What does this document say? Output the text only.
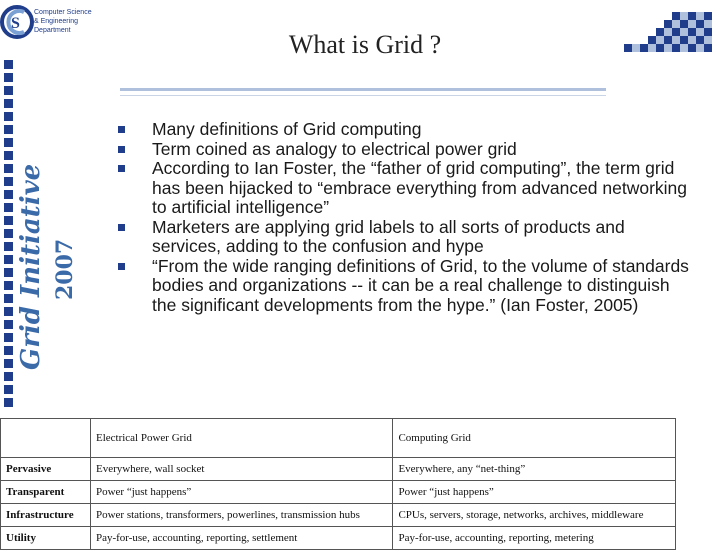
S
Computer Science
& Engineering
Department
Grid Initiative 2007
What is Grid ?
Many definitions of Grid computing
Term coined as analogy to electrical power grid
According to Ian Foster, the “father of grid computing”, the term grid has been hijacked to “embrace everything from advanced networking to artificial intelligence”
Marketers are applying grid labels to all sorts of products and services, adding to the confusion and hype
“From the wide ranging definitions of Grid, to the volume of standards bodies and organizations -- it can be a real challenge to distinguish the significant developments from the hype.” (Ian Foster, 2005)
	Electrical Power Grid	Computing Grid
Pervasive	Everywhere, wall socket	Everywhere, any “net-thing”
Transparent	Power “just happens”	Power “just happens”
Infrastructure	Power stations, transformers, powerlines, transmission hubs	CPUs, servers, storage, networks, archives, middleware
Utility	Pay-for-use, accounting, reporting, settlement	Pay-for-use, accounting, reporting, metering
